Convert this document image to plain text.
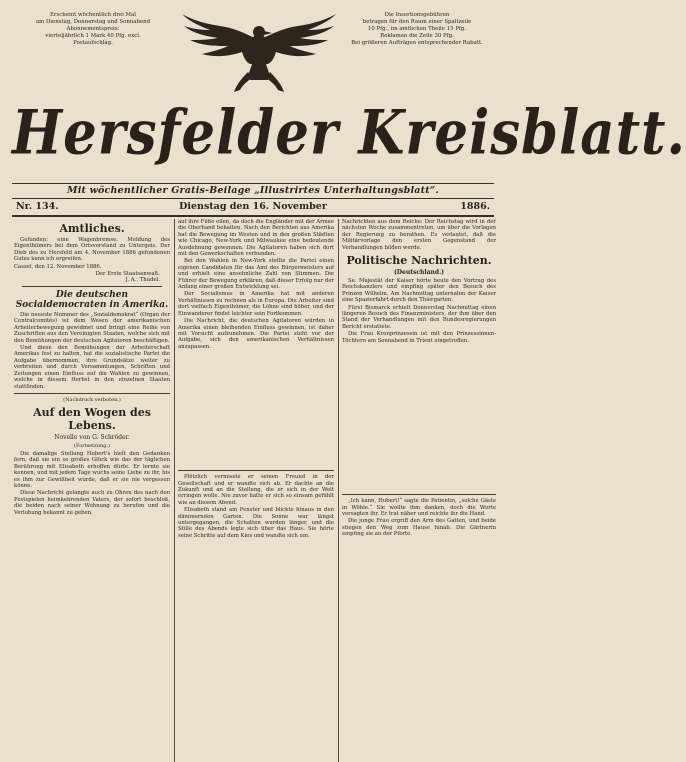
Erscheint wöchentlich drei Mal
am Dienstag, Donnerstag und Sonnabend
Abonnementspreis:
vierteljährlich 1 Mark 40 Pfg. excl.
Postaufschlag.
Die Insertionsgebühren
betragen für den Raum einer Spaltzeile
10 Pfg., im amtlichen Theile 15 Pfg.
Reklamen die Zeile 30 Pfg.
Bei größeren Aufträgen entsprechender Rabatt.
Hersfelder Kreisblatt.
Mit wöchentlicher Gratis-Beilage „Illustrirtes Unterhaltungsblatt“.
Nr. 134.	Dienstag den 16. November	1886.
Amtliches.

Gefunden: eine Wagenbremse. Meldung des Eigenthümers bei dem Ortsvorstand zu Untergeis. Der Dieb des zu Hersfeld am 4. November 1886 gefundenen Gutes kann ich ergreifen.

Cassel, den 12. November 1886.

Der Erste Staatsanwalt.
J. A.: Thudel.
Die deutschen Socialdemocraten in Amerika.

Die neueste Nummer des „Sozialdemokrat“ (Organ der Centralcomités) ist dem Wesen der amerikanischen Arbeiterbewegung gewidmet und bringt eine Reihe von Zuschriften aus den Vereinigten Staaten, welche sich mit den Bemühungen der deutschen Agitatoren beschäftigen.

Und diese den Bemühungen der Arbeiterschaft Amerikas fest zu halten, hat die sozialistische Partei die Aufgabe übernommen, ihre Grundsätze weiter zu verbreiten und durch Versammlungen, Schriften und Zeitungen einen Einfluss auf die Wahlen zu gewinnen, welche in diesem Herbst in den einzelnen Staaten stattfinden.

(Nachdruck verboten.)
Auf den Wogen des Lebens.
Novelle von G. Schröder.
(Fortsetzung.)

Die damalige Stellung Hubert's hielt den Gedanken fern, daß sie ein so großes Glück wie das der täglichen Berührung mit Elisabeth erhoffen dürfe. Er lernte sie kennen, und mit jedem Tage wuchs seine Liebe zu ihr, bis es ihm zur Gewißheit wurde, daß er sie nie vergessen könne.

Diese Nachricht gelangte auch zu Ohren des nach den Festspielen heimkehrenden Vaters, der sofort beschloß, die beiden nach seiner Wohnung zu berufen und die Verlobung bekannt zu geben.

auf ihre Füße eilen, da doch die Engländer mit der Armee die Oberhand behalten. Nach den Berichten aus Amerika hat die Bewegung im Westen und in den großen Städten wie Chicago, New-York und Milwaukee eine bedeutende Ausdehnung gewonnen. Die Agitatoren haben sich dort mit den Gewerkschaften verbunden.

Bei den Wahlen in New-York stellte die Partei einen eigenen Candidaten für das Amt des Bürgermeisters auf und erhielt eine ansehnliche Zahl von Stimmen. Die Führer der Bewegung erklären, daß dieser Erfolg nur der Anfang einer großen Entwicklung sei.

Der Socialismus in Amerika hat mit anderen Verhältnissen zu rechnen als in Europa. Die Arbeiter sind dort vielfach Eigenthümer, die Löhne sind höher, und der Einwanderer findet leichter sein Fortkommen.

Die Nachricht, die deutschen Agitatoren würden in Amerika einen bleibenden Einfluss gewinnen, ist daher mit Vorsicht aufzunehmen. Die Partei steht vor der Aufgabe, sich den amerikanischen Verhältnissen anzupassen.

Plötzlich vermisste er seinen Freund in der Gesellschaft und er wandte sich ab. Er dachte an die Zukunft und an die Stellung, die er sich in der Welt erringen wolle. Nie zuvor hatte er sich so einsam gefühlt wie an diesem Abend.

Elisabeth stand am Fenster und blickte hinaus in den dämmernden Garten. Die Sonne war längst untergegangen, die Schatten wurden länger, und die Stille des Abends legte sich über das Haus. Sie hörte seine Schritte auf dem Kies und wandte sich um.

Nachrichten aus dem Reiche: Der Reichstag wird in der nächsten Woche zusammentreten, um über die Vorlagen der Regierung zu berathen. Es verlautet, daß die Militärvorlage den ersten Gegenstand der Verhandlungen bilden werde.

Politische Nachrichten.
(Deutschland.)

Se. Majestät der Kaiser hörte heute den Vortrag des Reichskanzlers und empfing später den Besuch des Prinzen Wilhelm. Am Nachmittag unternahm der Kaiser eine Spazierfahrt durch den Thiergarten.

Fürst Bismarck erhielt Donnerstag Nachmittag einen längeren Besuch des Finanzministers, der ihm über den Stand der Verhandlungen mit den Bundesregierungen Bericht erstattete.

Die Frau Kronprinzessin ist mit den Prinzessinnen-Töchtern am Sonnabend in Trient eingetroffen.

„Ich kann, Hubert!“ sagte die Patientin, „solche Gäste in Wöhle.“ Sie wollte ihm danken, doch die Worte versagten ihr. Er trat näher und reichte ihr die Hand.

Die junge Frau ergriff den Arm des Gatten, und beide stiegen den Weg zum Hause hinab. Die Gärtnerin empfing sie an der Pforte.
